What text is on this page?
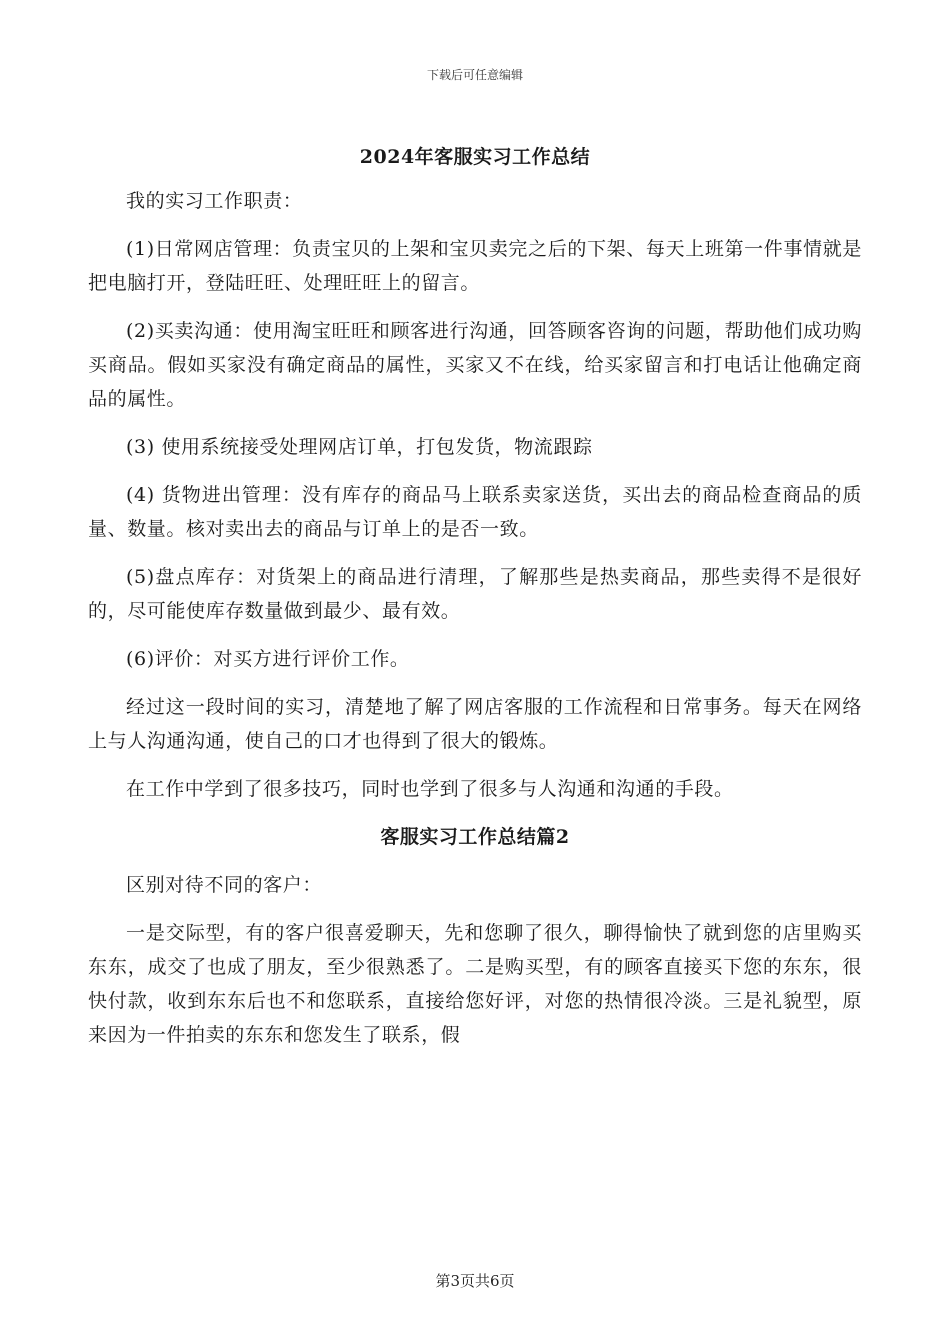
下载后可任意编辑
2024年客服实习工作总结

我的实习工作职责：

(1)日常网店管理：负责宝贝的上架和宝贝卖完之后的下架、每天上班第一件事情就是把电脑打开，登陆旺旺、处理旺旺上的留言。

(2)买卖沟通：使用淘宝旺旺和顾客进行沟通，回答顾客咨询的问题，帮助他们成功购买商品。假如买家没有确定商品的属性，买家又不在线，给买家留言和打电话让他确定商品的属性。

(3) 使用系统接受处理网店订单，打包发货，物流跟踪

(4) 货物进出管理：没有库存的商品马上联系卖家送货，买出去的商品检查商品的质量、数量。核对卖出去的商品与订单上的是否一致。

(5)盘点库存：对货架上的商品进行清理，了解那些是热卖商品，那些卖得不是很好的，尽可能使库存数量做到最少、最有效。

(6)评价：对买方进行评价工作。

经过这一段时间的实习，清楚地了解了网店客服的工作流程和日常事务。每天在网络上与人沟通沟通，使自己的口才也得到了很大的锻炼。

在工作中学到了很多技巧，同时也学到了很多与人沟通和沟通的手段。

客服实习工作总结篇2

区别对待不同的客户：

一是交际型，有的客户很喜爱聊天，先和您聊了很久，聊得愉快了就到您的店里购买东东，成交了也成了朋友，至少很熟悉了。二是购买型，有的顾客直接买下您的东东，很快付款，收到东东后也不和您联系，直接给您好评，对您的热情很冷淡。三是礼貌型，原来因为一件拍卖的东东和您发生了联系，假

第3页共6页
